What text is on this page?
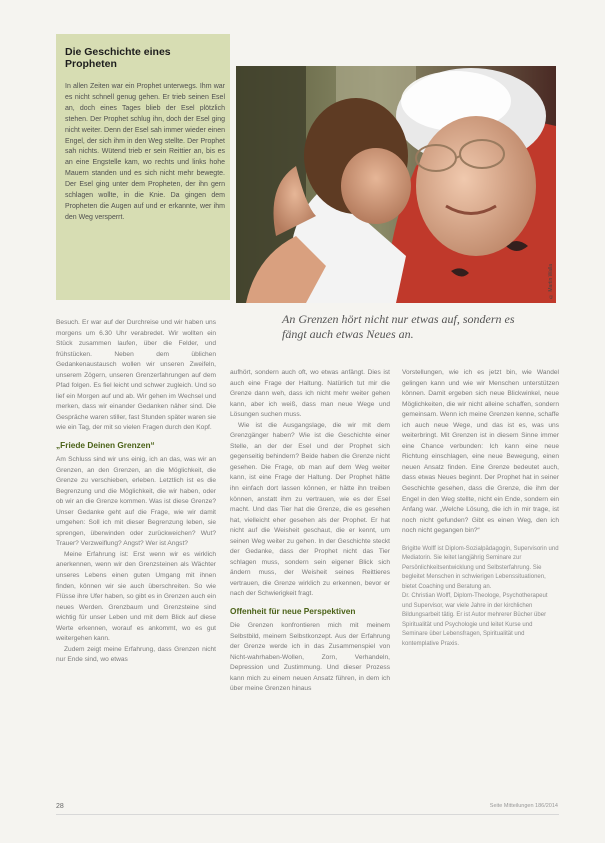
Die Geschichte eines Propheten
In allen Zeiten war ein Prophet unterwegs. Ihm war es nicht schnell genug gehen. Er trieb seinen Esel an, doch eines Tages blieb der Esel plötzlich stehen. Der Prophet schlug ihn, doch der Esel ging nicht weiter. Denn der Esel sah immer wieder einen Engel, der sich ihm in den Weg stellte. Der Prophet sah nichts. Wütend trieb er sein Reittier an, bis es an eine Engstelle kam, wo rechts und links hohe Mauern standen und es sich nicht mehr bewegte. Der Esel ging unter dem Propheten, der ihn gern schlagen wollte, in die Knie. Da gingen dem Propheten die Augen auf und er erkannte, wer ihm den Weg versperrt.
© Martin Walla
An Grenzen hört nicht nur etwas auf, sondern es fängt auch etwas Neues an.

Besuch. Er war auf der Durchreise und wir haben uns morgens um 6.30 Uhr verabredet. Wir wollten ein Stück zusammen laufen, über die Felder, und frühstücken. Neben dem üblichen Gedankenaustausch wollen wir unseren Zweifeln, unserem Zögern, unseren Grenzerfahrungen auf dem Pfad folgen. Es fiel leicht und schwer zugleich. Und so lief ein Morgen auf und ab. Wir gehen im Wechsel und merken, dass wir einander Gedanken näher sind. Die Gespräche waren stiller, fast Stunden später waren sie wie ein Tag, der mit so vielen Fragen durch den Kopf.

„Friede Deinen Grenzen“

Am Schluss sind wir uns einig, ich an das, was wir an Grenzen, an den Grenzen, an die Möglichkeit, die Grenze zu verschieben, erleben. Letztlich ist es die Begrenzung und die Möglichkeit, die wir haben, oder ob wir an die Grenze kommen. Was ist diese Grenze? Unser Gedanke geht auf die Frage, wie wir damit umgehen: Soll ich mit dieser Begrenzung leben, sie sprengen, überwinden oder zurückweichen? Wut? Trauer? Verzweiflung? Angst? Wer ist Angst?

Meine Erfahrung ist: Erst wenn wir es wirklich anerkennen, wenn wir den Grenzsteinen als Wächter unseres Lebens einen guten Umgang mit ihnen finden, können wir sie auch überschreiten. So wie Flüsse ihre Ufer haben, so gibt es in Grenzen auch ein neues Werden. Grenzbaum und Grenzsteine sind wichtig für unser Leben und mit dem Blick auf diese Werte erkennen, worauf es ankommt, wo es gut weitergehen kann.

Zudem zeigt meine Erfahrung, dass Grenzen nicht nur Ende sind, wo etwas

aufhört, sondern auch oft, wo etwas anfängt. Dies ist auch eine Frage der Haltung. Natürlich tut mir die Grenze dann weh, dass ich nicht mehr weiter gehen kann, aber ich weiß, dass man neue Wege und Lösungen suchen muss.

Wie ist die Ausgangslage, die wir mit dem Grenzgänger haben? Wie ist die Geschichte einer Stelle, an der der Esel und der Prophet sich gegenseitig behindern? Beide haben die Grenze nicht gesehen. Die Frage, ob man auf dem Weg weiter kann, ist eine Frage der Haltung. Der Prophet hätte ihn einfach dort lassen können, er hätte ihn treiben können, anstatt ihm zu vertrauen, wie es der Esel macht. Und das Tier hat die Grenze, die es gesehen hat, vielleicht eher gesehen als der Prophet. Er hat nicht auf die Weisheit geschaut, die er kennt, um seinen Weg weiter zu gehen. In der Geschichte steckt der Gedanke, dass der Prophet nicht das Tier schlagen muss, sondern sein eigener Blick sich ändern muss, der Weisheit seines Reittieres vertrauen, die Grenze wirklich zu erkennen, bevor er nach der Schwierigkeit fragt.

Offenheit für neue Perspektiven

Die Grenzen konfrontieren mich mit meinem Selbstbild, meinem Selbstkonzept. Aus der Erfahrung der Grenze werde ich in das Zusammenspiel von Nicht-wahrhaben-Wollen, Zorn, Verhandeln, Depression und Zustimmung. Und dieser Prozess kann mich zu einem neuen Ansatz führen, in dem ich über meine Grenzen hinaus

Vorstellungen, wie ich es jetzt bin, wie Wandel gelingen kann und wie wir Menschen unterstützen können. Damit ergeben sich neue Blickwinkel, neue Möglichkeiten, die wir nicht alleine schaffen, sondern gemeinsam. Wenn ich meine Grenzen kenne, schaffe ich auch neue Wege, und das ist es, was uns weiterbringt. Mit Grenzen ist in diesem Sinne immer eine Chance verbunden: Ich kann eine neue Richtung einschlagen, eine neue Bewegung, einen neuen Ansatz finden. Eine Grenze bedeutet auch, dass etwas Neues beginnt. Der Prophet hat in seiner Geschichte gesehen, dass die Grenze, die ihm der Engel in den Weg stellte, nicht ein Ende, sondern ein Anfang war. „Welche Lösung, die ich in mir trage, ist noch nicht gefunden? Gibt es einen Weg, den ich noch nicht gegangen bin?“

Brigitte Wolff ist Diplom-Sozialpädagogin, Supervisorin und Mediatorin. Sie leitet langjährig Seminare zur Persönlichkeitsentwicklung und Selbsterfahrung. Sie begleitet Menschen in schwierigen Lebenssituationen, bietet Coaching und Beratung an.

Dr. Christian Wolff, Diplom-Theologe, Psychotherapeut und Supervisor, war viele Jahre in der kirchlichen Bildungsarbeit tätig. Er ist Autor mehrerer Bücher über Spiritualität und Psychologie und leitet Kurse und Seminare über Lebensfragen, Spiritualität und kontemplative Praxis.

28	Seite Mitteilungen 186/2014
